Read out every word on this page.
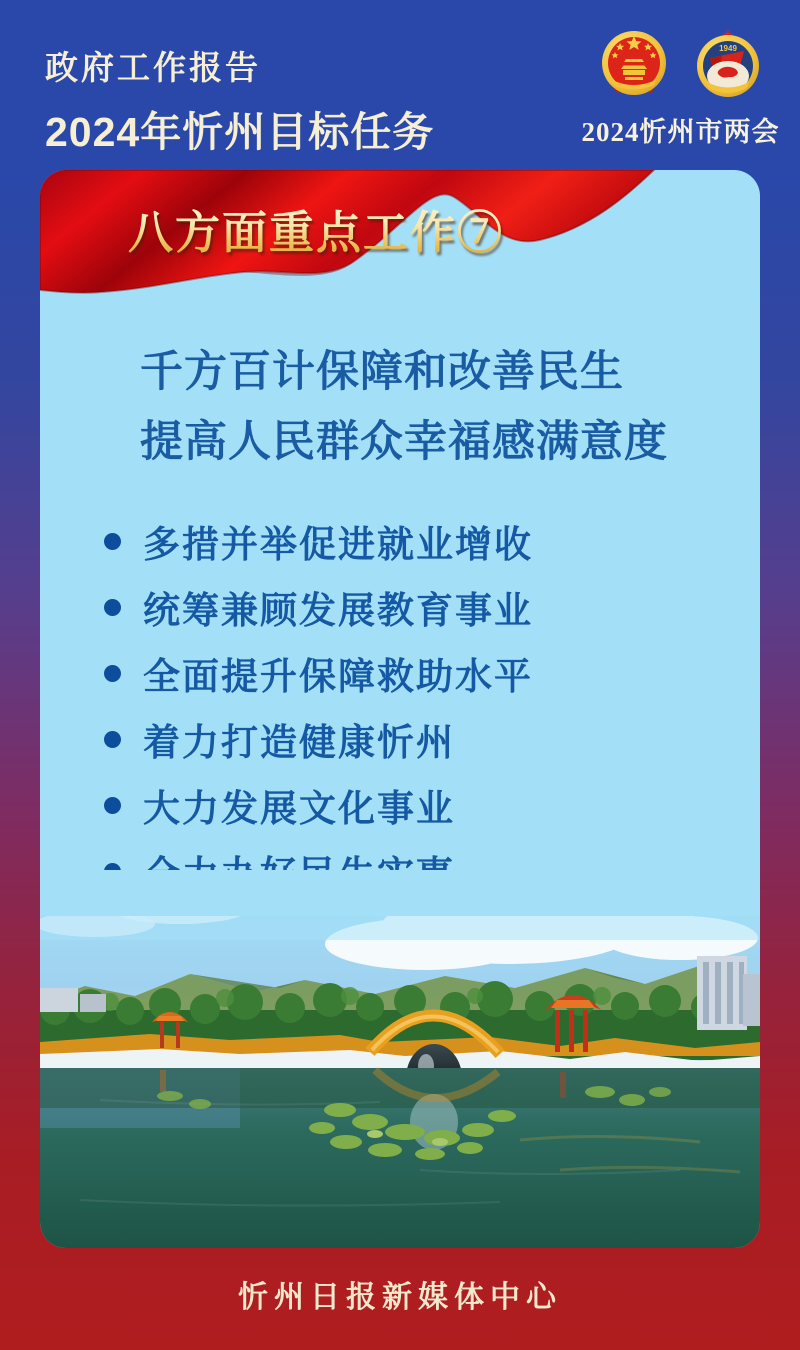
政府工作报告
2024年忻州目标任务
1949
2024忻州市两会
八方面重点工作⑦
千方百计保障和改善民生
提高人民群众幸福感满意度
多措并举促进就业增收
统筹兼顾发展教育事业
全面提升保障救助水平
着力打造健康忻州
大力发展文化事业
忻州日报新媒体中心
